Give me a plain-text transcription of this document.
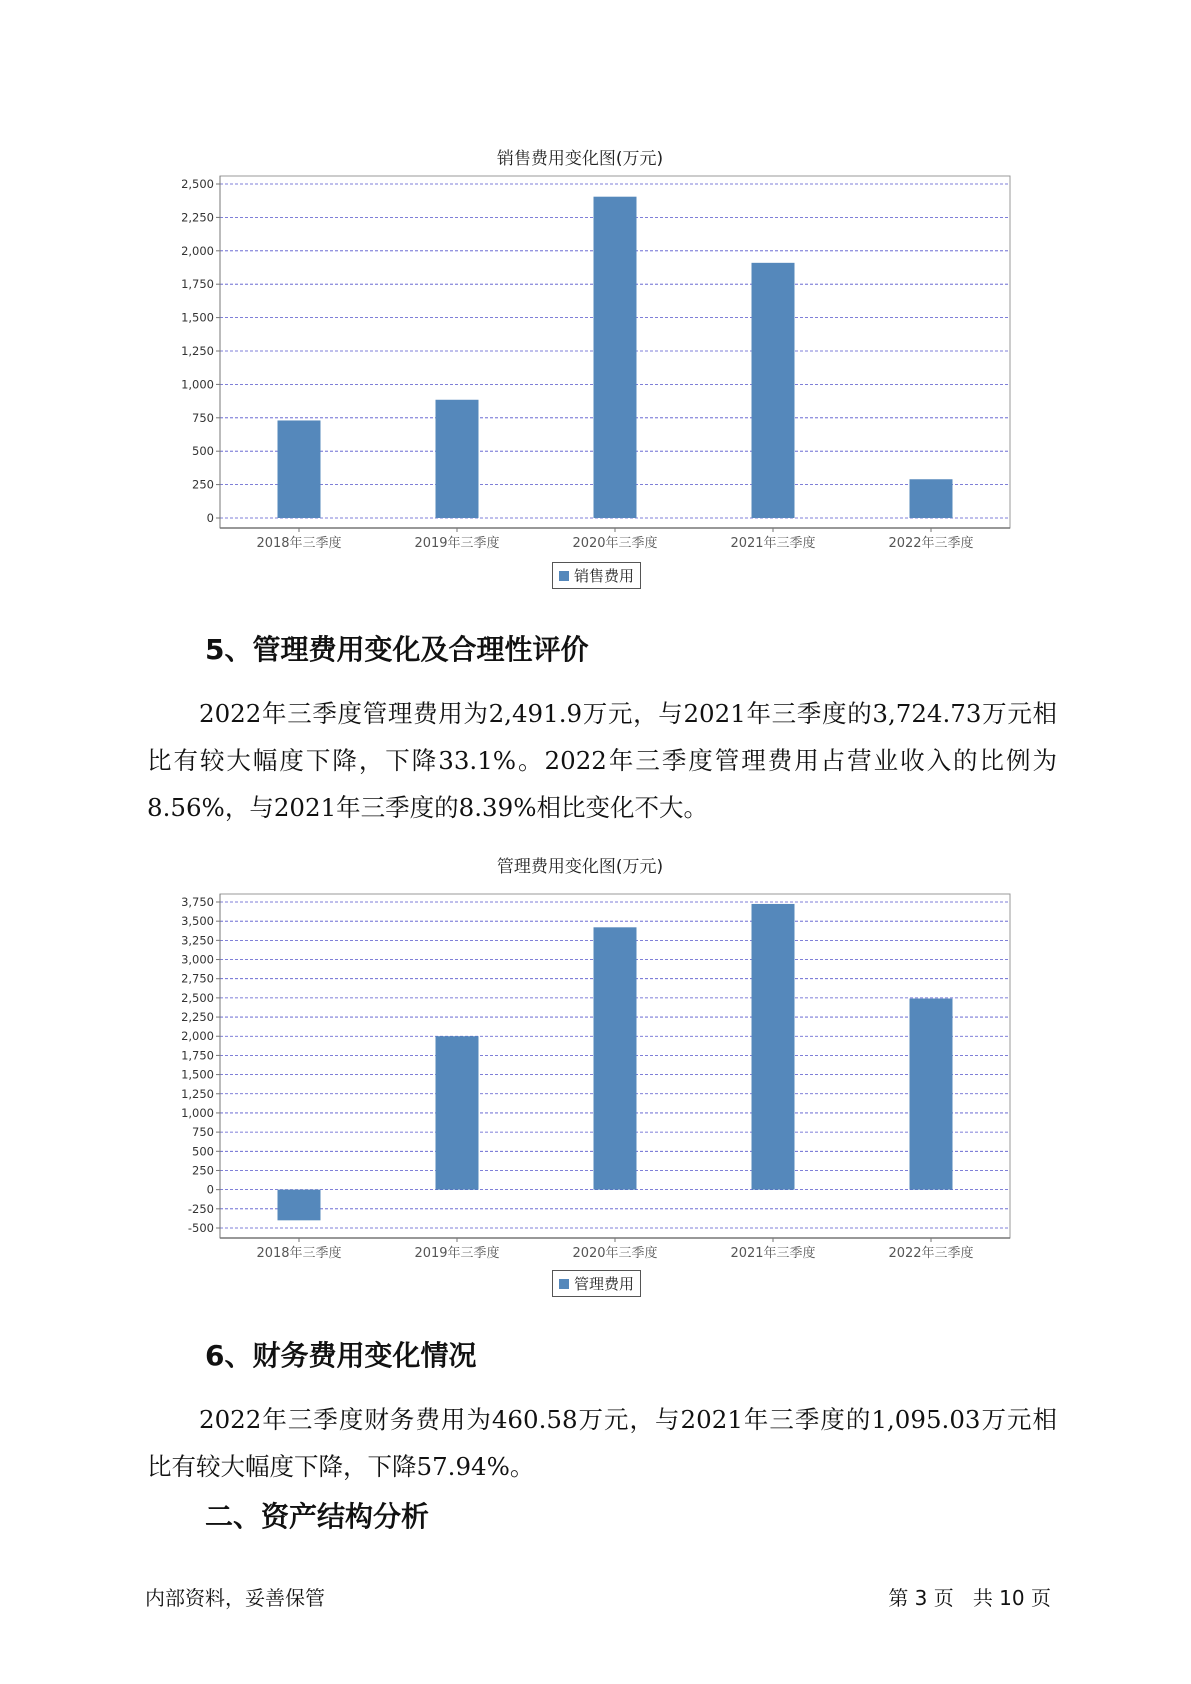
销售费用变化图(万元)
0
250
500
750
1,000
1,250
1,500
1,750
2,000
2,250
2,500
2018年三季度	2019年三季度	2020年三季度	2021年三季度	2022年三季度
销售费用
5、管理费用变化及合理性评价

2022年三季度管理费用为2,491.9万元，与2021年三季度的3,724.73万元相比有较大幅度下降，下降33.1%。2022年三季度管理费用占营业收入的比例为8.56%，与2021年三季度的8.39%相比变化不大。

管理费用变化图(万元)
-500
-250
0
250
500
750
1,000
1,250
1,500
1,750
2,000
2,250
2,500
2,750
3,000
3,250
3,500
3,750
2018年三季度	2019年三季度	2020年三季度	2021年三季度	2022年三季度
管理费用
6、财务费用变化情况

2022年三季度财务费用为460.58万元，与2021年三季度的1,095.03万元相比有较大幅度下降，下降57.94%。

二、资产结构分析
内部资料，妥善保管	第 3 页   共 10 页
